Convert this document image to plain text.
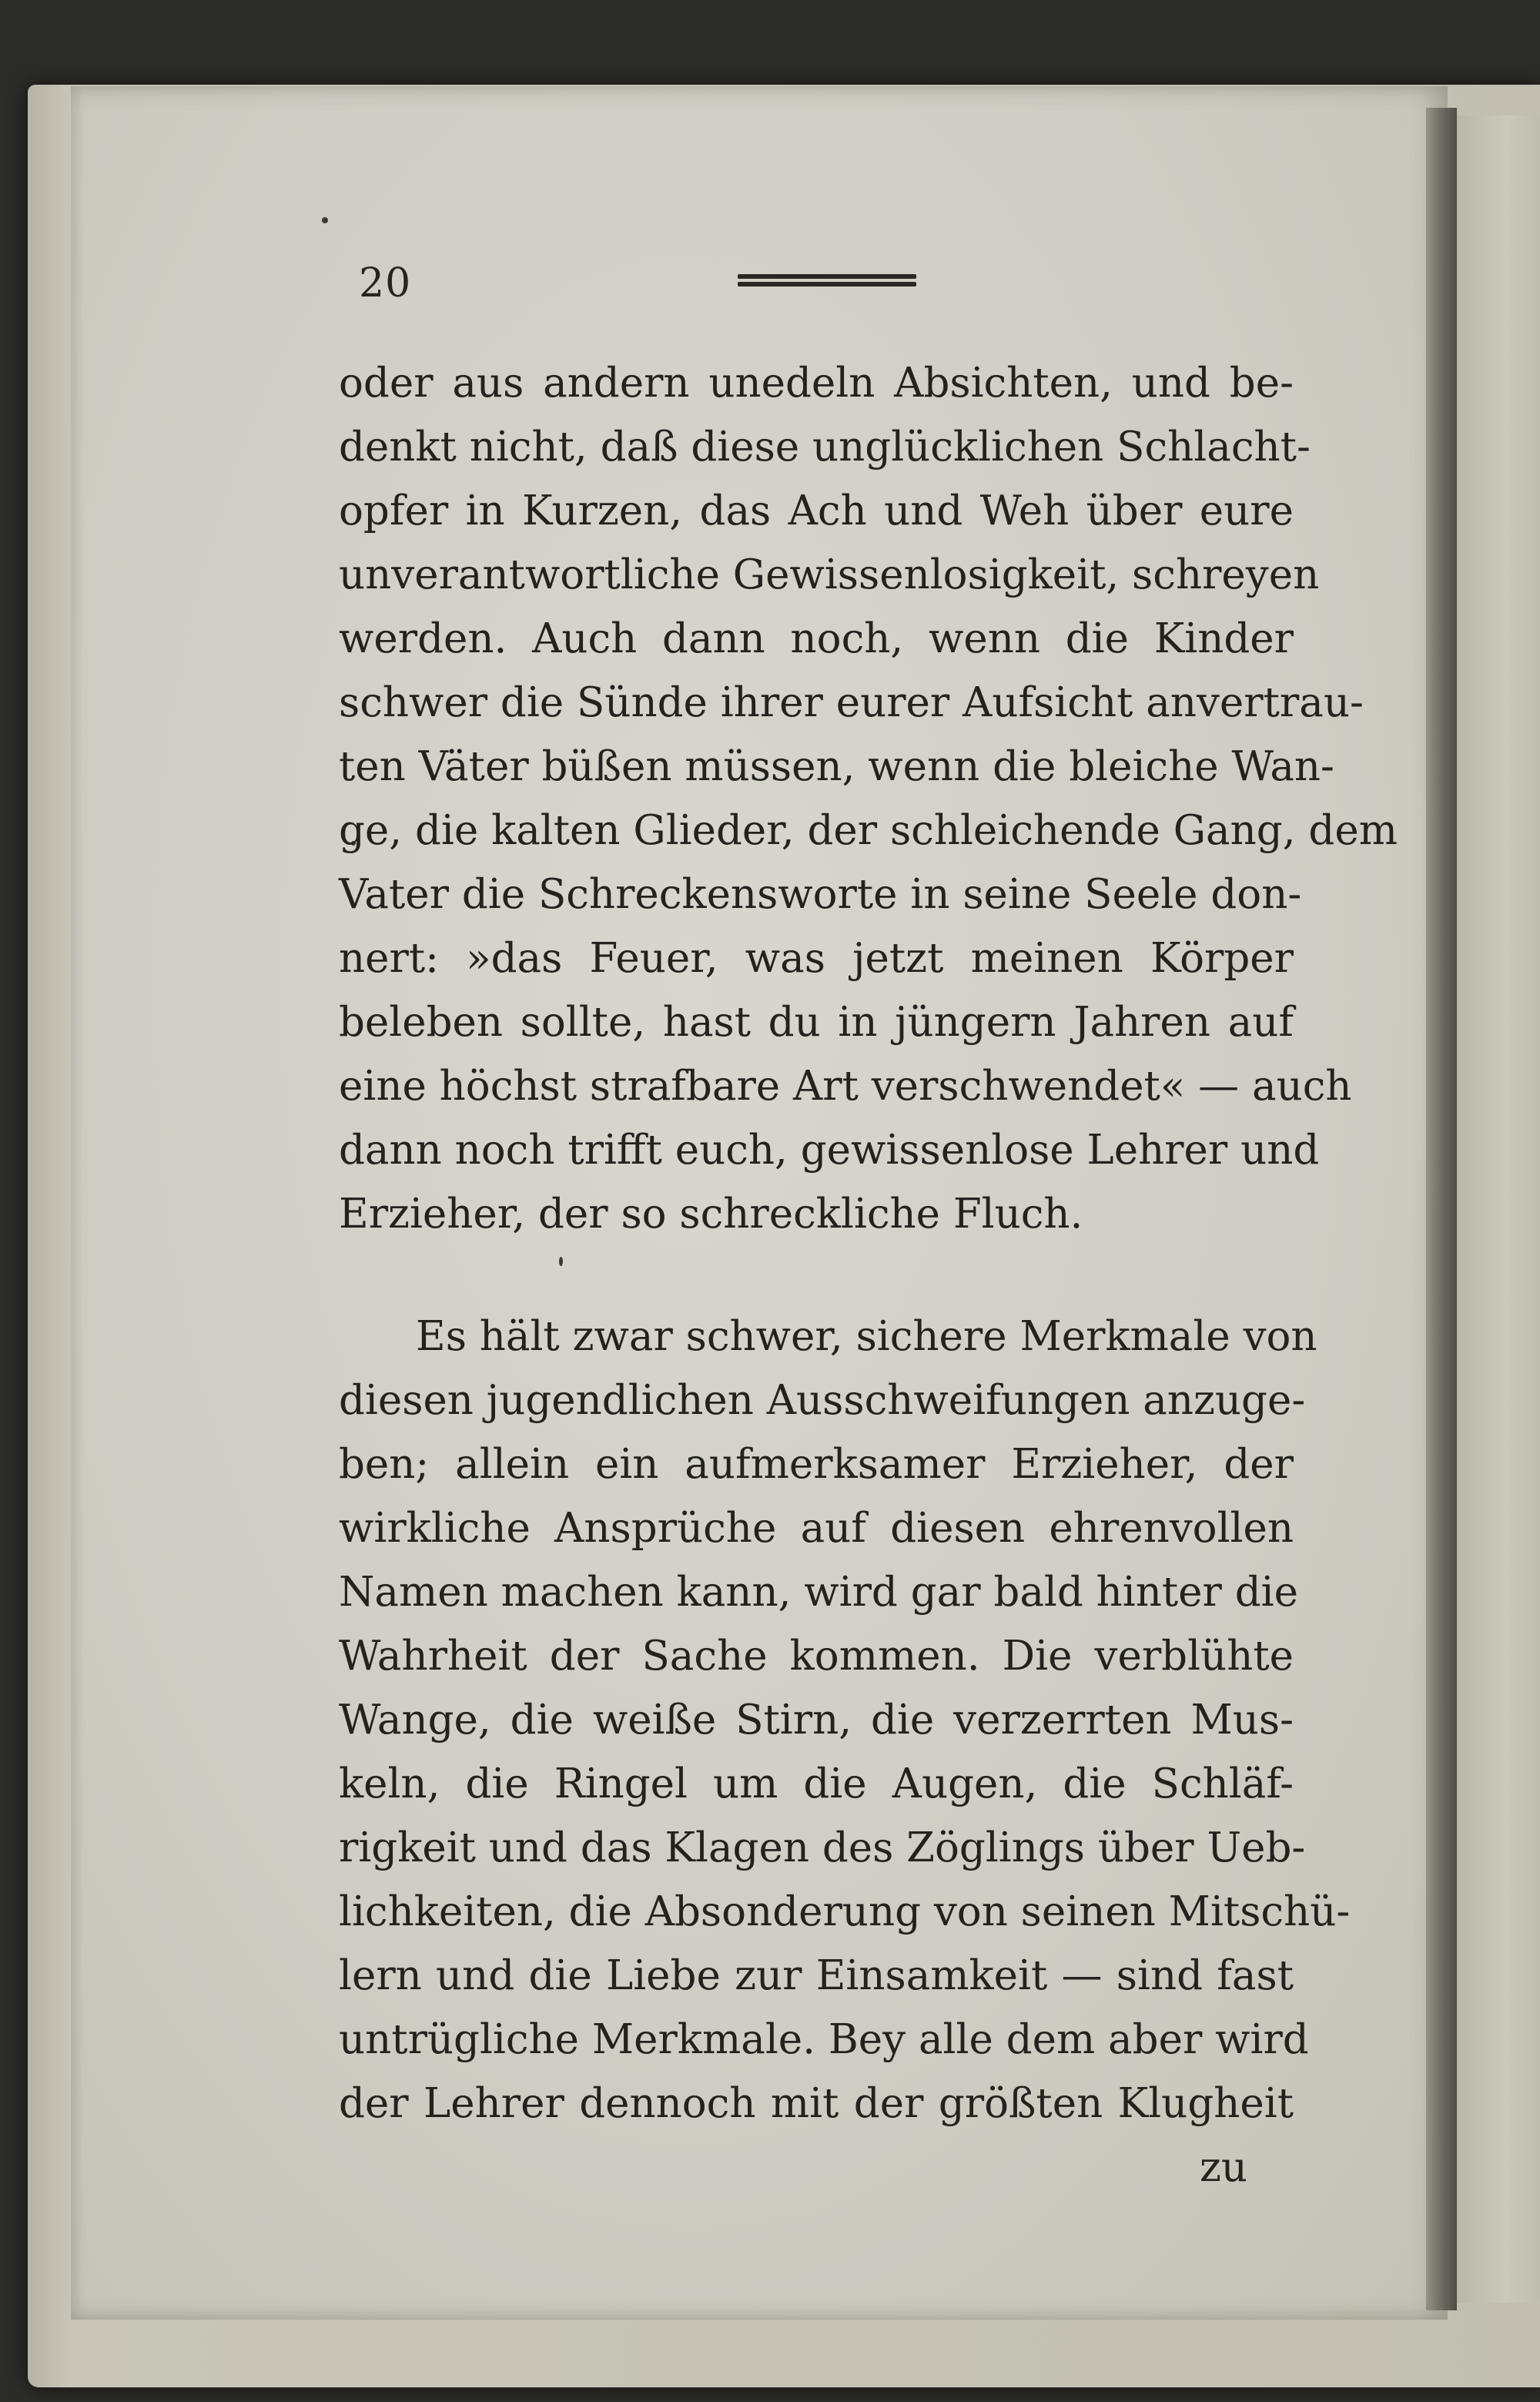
20
oder aus andern unedeln Absichten, und be-
denkt nicht, daß diese unglücklichen Schlacht-
opfer in Kurzen, das Ach und Weh über eure
unverantwortliche Gewissenlosigkeit, schreyen
werden. Auch dann noch, wenn die Kinder
schwer die Sünde ihrer eurer Aufsicht anvertrau-
ten Väter büßen müssen, wenn die bleiche Wan-
ge, die kalten Glieder, der schleichende Gang, dem
Vater die Schreckensworte in seine Seele don-
nert: »das Feuer, was jetzt meinen Körper
beleben sollte, hast du in jüngern Jahren auf
eine höchst strafbare Art verschwendet« — auch
dann noch trifft euch, gewissenlose Lehrer und
Erzieher, der so schreckliche Fluch.
Es hält zwar schwer, sichere Merkmale von
diesen jugendlichen Ausschweifungen anzuge-
ben; allein ein aufmerksamer Erzieher, der
wirkliche Ansprüche auf diesen ehrenvollen
Namen machen kann, wird gar bald hinter die
Wahrheit der Sache kommen. Die verblühte
Wange, die weiße Stirn, die verzerrten Mus-
keln, die Ringel um die Augen, die Schläf-
rigkeit und das Klagen des Zöglings über Ueb-
lichkeiten, die Absonderung von seinen Mitschü-
lern und die Liebe zur Einsamkeit — sind fast
untrügliche Merkmale. Bey alle dem aber wird
der Lehrer dennoch mit der größten Klugheit
zu
